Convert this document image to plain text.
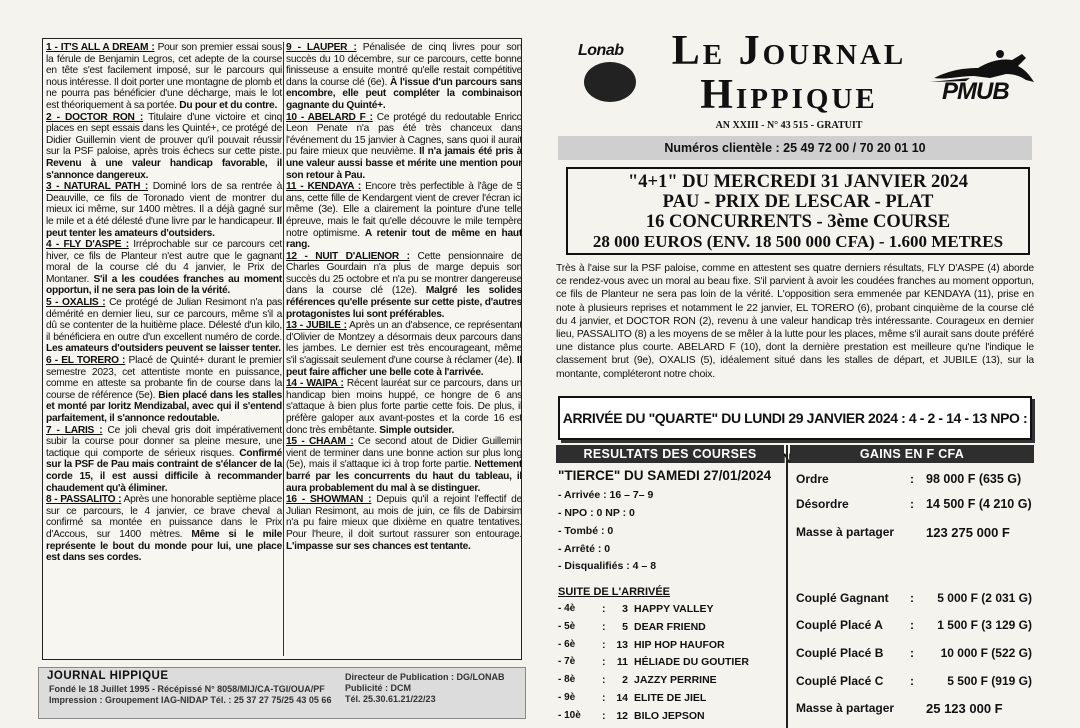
1 - IT'S ALL A DREAM : Pour son premier essai sous la férule de Benjamin Legros, cet adepte de la course en tête s'est facilement imposé, sur le parcours qui nous intéresse. Il doit porter une montagne de plomb et ne pourra pas bénéficier d'une décharge, mais le lot est théoriquement à sa portée. Du pour et du contre.

2 - DOCTOR RON : Titulaire d'une victoire et cinq places en sept essais dans les Quinté+, ce protégé de Didier Guillemin vient de prouver qu'il pouvait réussir sur la PSF paloise, après trois échecs sur cette piste. Revenu à une valeur handicap favorable, il s'annonce dangereux.

3 - NATURAL PATH : Dominé lors de sa rentrée à Deauville, ce fils de Toronado vient de montrer du mieux ici même, sur 1400 mètres. Il a déjà gagné sur le mile et a été délesté d'une livre par le handicapeur. Il peut tenter les amateurs d'outsiders.

4 - FLY D'ASPE : Irréprochable sur ce parcours cet hiver, ce fils de Planteur n'est autre que le gagnant moral de la course clé du 4 janvier, le Prix de Montaner. S'il a les coudées franches au moment opportun, il ne sera pas loin de la vérité.

5 - OXALIS : Ce protégé de Julian Resimont n'a pas démérité en dernier lieu, sur ce parcours, même s'il a dû se contenter de la huitième place. Délesté d'un kilo, il bénéficiera en outre d'un excellent numéro de corde. Les amateurs d'outsiders peuvent se laisser tenter.

6 - EL TORERO : Placé de Quinté+ durant le premier semestre 2023, cet attentiste monte en puissance, comme en atteste sa probante fin de course dans la course de référence (5e). Bien placé dans les stalles et monté par Ioritz Mendizabal, avec qui il s'entend parfaitement, il s'annonce redoutable.

7 - LARIS : Ce joli cheval gris doit impérativement subir la course pour donner sa pleine mesure, une tactique qui comporte de sérieux risques. Confirmé sur la PSF de Pau mais contraint de s'élancer de la corde 15, il est aussi difficile à recommander chaudement qu'à éliminer.

8 - PASSALITO : Après une honorable septième place sur ce parcours, le 4 janvier, ce brave cheval a confirmé sa montée en puissance dans le Prix d'Accous, sur 1400 mètres. Même si le mile représente le bout du monde pour lui, une place est dans ses cordes.

9 - LAUPER : Pénalisée de cinq livres pour son succès du 10 décembre, sur ce parcours, cette bonne finisseuse a ensuite montré qu'elle restait compétitive dans la course clé (6e). À l'issue d'un parcours sans encombre, elle peut compléter la combinaison gagnante du Quinté+.

10 - ABELARD F : Ce protégé du redoutable Enrico Leon Penate n'a pas été très chanceux dans l'événement du 15 janvier à Cagnes, sans quoi il aurait pu faire mieux que neuvième. Il n'a jamais été pris à une valeur aussi basse et mérite une mention pour son retour à Pau.

11 - KENDAYA : Encore très perfectible à l'âge de 5 ans, cette fille de Kendargent vient de crever l'écran ici même (3e). Elle a clairement la pointure d'une telle épreuve, mais le fait qu'elle découvre le mile tempère notre optimisme. A retenir tout de même en haut rang.

12 - NUIT D'ALIENOR : Cette pensionnaire de Charles Gourdain n'a plus de marge depuis son succès du 25 octobre et n'a pu se montrer dangereuse dans la course clé (12e). Malgré les solides références qu'elle présente sur cette piste, d'autres protagonistes lui sont préférables.

13 - JUBILE : Après un an d'absence, ce représentant d'Olivier de Montzey a désormais deux parcours dans les jambes. Le dernier est très encourageant, même s'il s'agissait seulement d'une course à réclamer (4e). Il peut faire afficher une belle cote à l'arrivée.

14 - WAIPA : Récent lauréat sur ce parcours, dans un handicap bien moins huppé, ce hongre de 6 ans s'attaque à bien plus forte partie cette fois. De plus, il préfère galoper aux avant-postes et la corde 16 est donc très embêtante. Simple outsider.

15 - CHAAM : Ce second atout de Didier Guillemin vient de terminer dans une bonne action sur plus long (5e), mais il s'attaque ici à trop forte partie. Nettement barré par les concurrents du haut du tableau, il aura probablement du mal à se distinguer.

16 - SHOWMAN : Depuis qu'il a rejoint l'effectif de Julian Resimont, au mois de juin, ce fils de Dabirsim n'a pu faire mieux que dixième en quatre tentatives. Pour l'heure, il doit surtout rassurer son entourage. L'impasse sur ses chances est tentante.

JOURNAL HIPPIQUE
Fondé le 18 Juillet 1995 - Récépissé N° 8058/MIJ/CA-TGI/OUA/PF
Impression : Groupement IAG-NIDAP Tél. : 25 37 27 75/25 43 05 66
Directeur de Publication : DG/LONAB
Publicité : DCM
Tél. 25.30.61.21/22/23
Lonab	Le Journal
Hippique
AN XXIII - N° 43 515 - GRATUIT
PMUB
Numéros clientèle : 25 49 72 00 / 70 20 01 10
"4+1" DU MERCREDI 31 JANVIER 2024
PAU - PRIX DE LESCAR - PLAT
16 CONCURRENTS - 3ème COURSE
28 000 EUROS (ENV. 18 500 000 CFA) - 1.600 METRES

Très à l'aise sur la PSF paloise, comme en attestent ses quatre derniers résultats, FLY D'ASPE (4) aborde ce rendez-vous avec un moral au beau fixe. S'il parvient à avoir les coudées franches au moment opportun, ce fils de Planteur ne sera pas loin de la vérité. L'opposition sera emmenée par KENDAYA (11), prise en note à plusieurs reprises et notamment le 22 janvier, EL TORERO (6), probant cinquième de la course clé du 4 janvier, et DOCTOR RON (2), revenu à une valeur handicap très intéressante. Courageux en dernier lieu, PASSALITO (8) a les moyens de se mêler à la lutte pour les places, même s'il aurait sans doute préféré une distance plus courte. ABELARD F (10), dont la dernière prestation est meilleure qu'ne l'indique le classement brut (9e), OXALIS (5), idéalement situé dans les stalles de départ, et JUBILE (13), sur la montante, compléteront notre choix.

ARRIVÉE DU "QUARTE" DU LUNDI 29 JANVIER 2024 : 4 - 2 - 14 - 13 NPO :
RESULTATS DES COURSES	GAINS EN F CFA
"TIERCE" DU SAMEDI 27/01/2024
- Arrivée : 16 – 7– 9
- NPO : 0 NP : 0
- Tombé : 0
- Arrêté : 0
- Disqualifiés : 4 – 8
SUITE DE L'ARRIVÉE
- 4è	:	3 HAPPY VALLEY
- 5è	:	5 DEAR FRIEND
- 6è	:	13 HIP HOP HAUFOR
- 7è	:	11 HÉLIADE DU GOUTIER
- 8è	:	2 JAZZY PERRINE
- 9è	:	14 ELITE DE JIEL
- 10è	:	12 BILO JEPSON
Ordre	: 98 000 F (635 G)
Désordre	: 14 500 F (4 210 G)
Masse à partager 123 275 000 F
Couplé Gagnant :	5 000 F (2 031 G)
Couplé Placé A :	1 500 F (3 129 G)
Couplé Placé B :	10 000 F (522 G)
Couplé Placé C :	5 500 F (919 G)
Masse à partager 25 123 000 F
